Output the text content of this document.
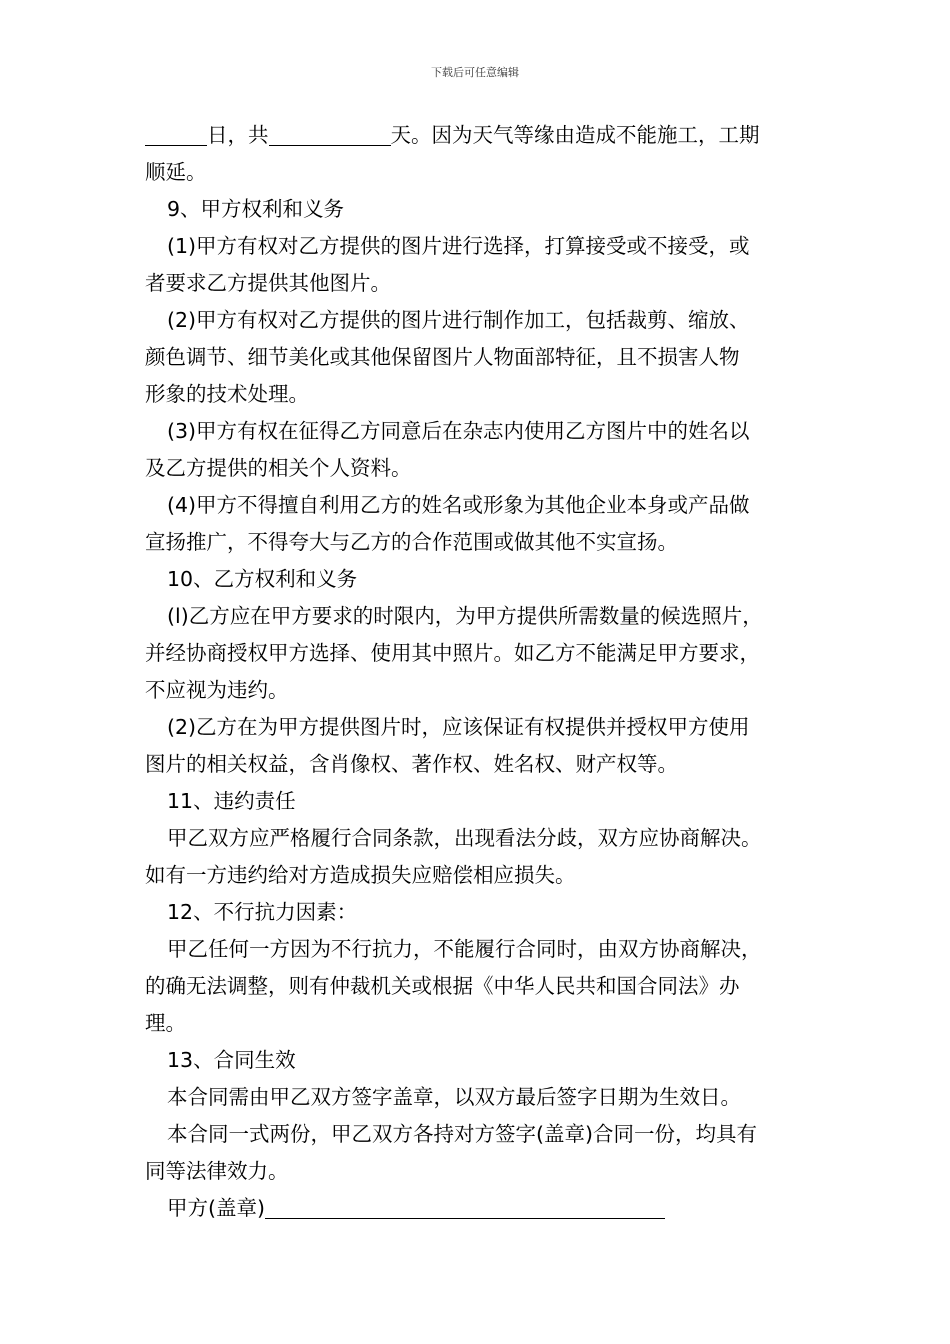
下载后可任意编辑

日，共	天。因为天气等缘由造成不能施工，工期

顺延。

9、甲方权利和义务

(1)甲方有权对乙方提供的图片进行选择，打算接受或不接受，或

者要求乙方提供其他图片。

(2)甲方有权对乙方提供的图片进行制作加工，包括裁剪、缩放、

颜色调节、细节美化或其他保留图片人物面部特征，且不损害人物

形象的技术处理。

(3)甲方有权在征得乙方同意后在杂志内使用乙方图片中的姓名以

及乙方提供的相关个人资料。

(4)甲方不得擅自利用乙方的姓名或形象为其他企业本身或产品做

宣扬推广，不得夸大与乙方的合作范围或做其他不实宣扬。

10、乙方权利和义务

(l)乙方应在甲方要求的时限内，为甲方提供所需数量的候选照片，

并经协商授权甲方选择、使用其中照片。如乙方不能满足甲方要求，

不应视为违约。

(2)乙方在为甲方提供图片时，应该保证有权提供并授权甲方使用

图片的相关权益，含肖像权、著作权、姓名权、财产权等。

11、违约责任

甲乙双方应严格履行合同条款，出现看法分歧，双方应协商解决。

如有一方违约给对方造成损失应赔偿相应损失。

12、不行抗力因素：

甲乙任何一方因为不行抗力，不能履行合同时，由双方协商解决，

的确无法调整，则有仲裁机关或根据《中华人民共和国合同法》办

理。

13、合同生效

本合同需由甲乙双方签字盖章，以双方最后签字日期为生效日。

本合同一式两份，甲乙双方各持对方签字(盖章)合同一份，均具有

同等法律效力。

甲方(盖章)
